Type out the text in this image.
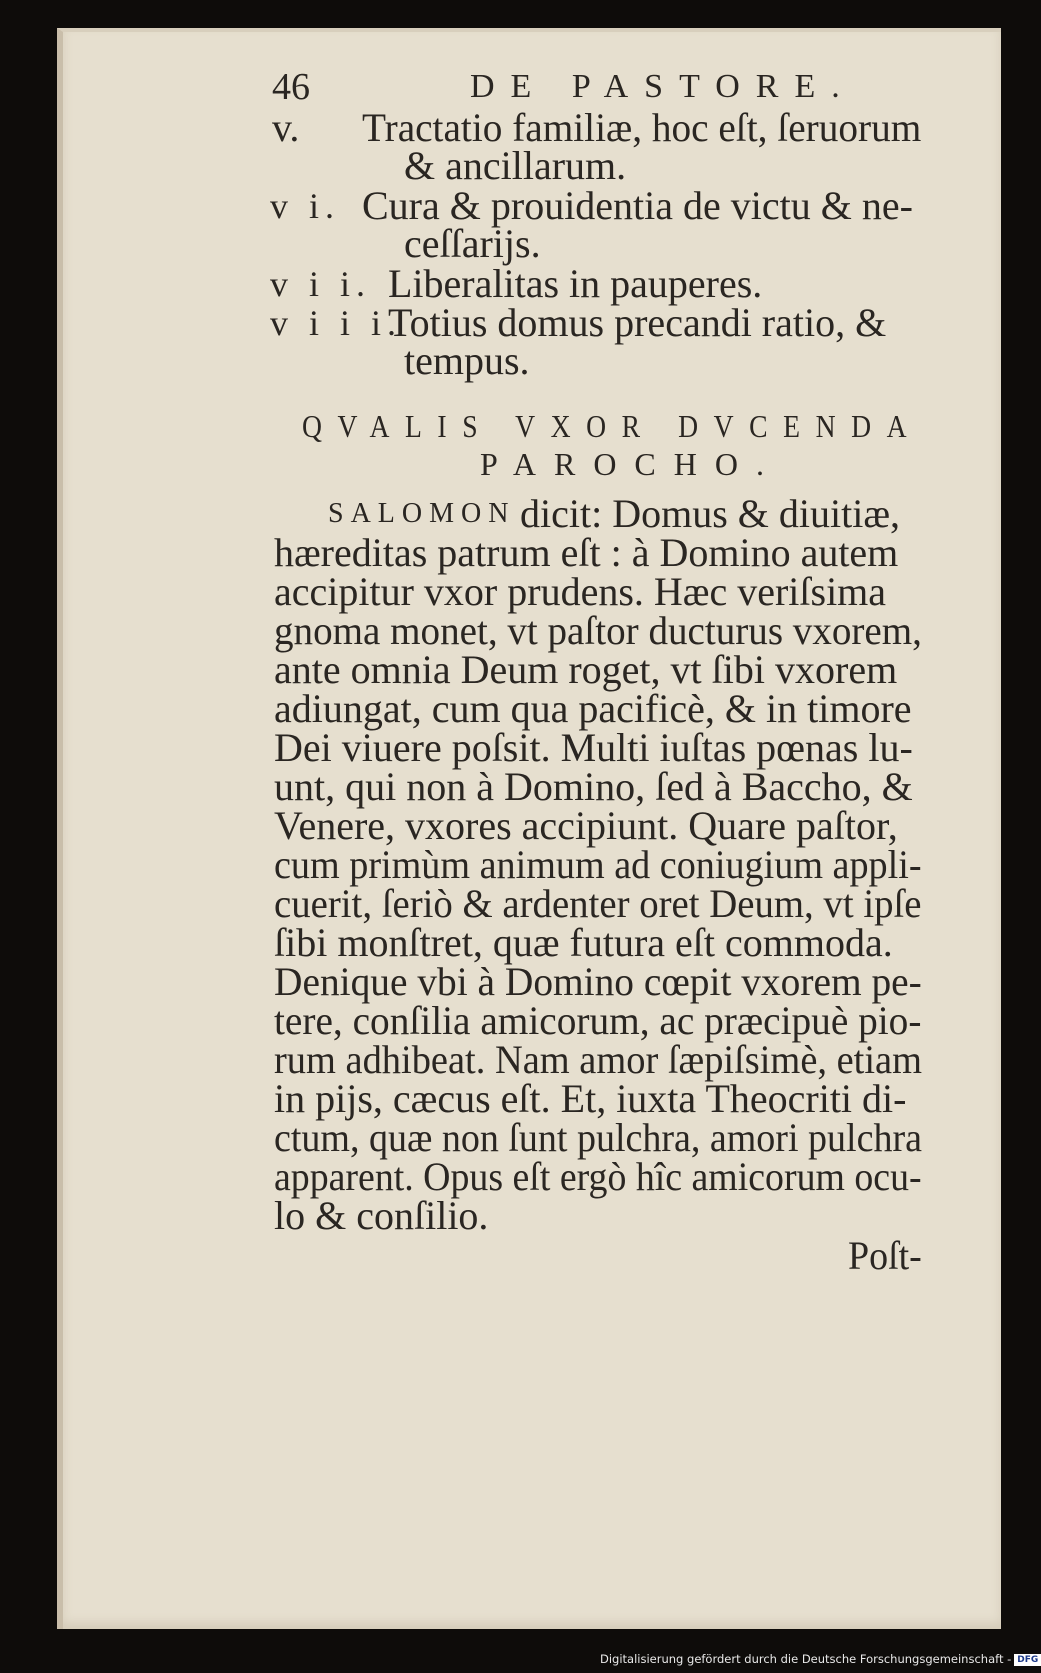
46	DE PASTORE.
v. Tractatio familiæ, hoc eſt, ſeruorum
& ancillarum.
v i. Cura & prouidentia de victu & ne-
ceſſarijs.
v i i. Liberalitas in pauperes.
v i i i.
Totius domus precandi ratio, &
tempus.
QVALIS VXOR DVCENDA
PAROCHO.
SALOMON dicit: Domus & diuitiæ,
hæreditas patrum eſt : à Domino autem
accipitur vxor prudens. Hæc veriſsima
gnoma monet, vt paſtor ducturus vxorem,
ante omnia Deum roget, vt ſibi vxorem
adiungat, cum qua pacificè, & in timore
Dei viuere poſsit. Multi iuſtas pœnas lu-
unt, qui non à Domino, ſed à Baccho, &
Venere, vxores accipiunt. Quare paſtor,
cum primùm animum ad coniugium appli-
cuerit, ſeriò & ardenter oret Deum, vt ipſe
ſibi monſtret, quæ futura eſt commoda.
Denique vbi à Domino cœpit vxorem pe-
tere, conſilia amicorum, ac præcipuè pio-
rum adhibeat. Nam amor ſæpiſsimè, etiam
in pijs, cæcus eſt. Et, iuxta Theocriti di-
ctum, quæ non ſunt pulchra, amori pulchra
apparent. Opus eſt ergò hîc amicorum ocu-
lo & conſilio.
Poſt-
Digitalisierung gefördert durch die Deutsche Forschungsgemeinschaft - DFG
